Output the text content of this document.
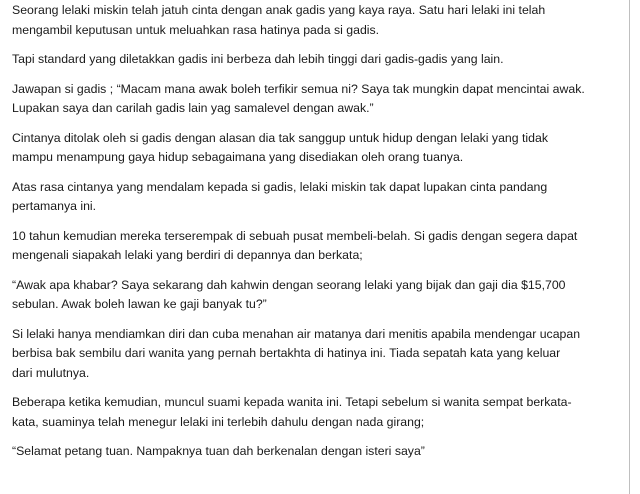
Seorang lelaki miskin telah jatuh cinta dengan anak gadis yang kaya raya. Satu hari lelaki ini telah
mengambil keputusan untuk meluahkan rasa hatinya pada si gadis.

Tapi standard yang diletakkan gadis ini berbeza dah lebih tinggi dari gadis-gadis yang lain.

Jawapan si gadis ; “Macam mana awak boleh terfikir semua ni? Saya tak mungkin dapat mencintai awak.
Lupakan saya dan carilah gadis lain yag samalevel dengan awak.”

Cintanya ditolak oleh si gadis dengan alasan dia tak sanggup untuk hidup dengan lelaki yang tidak
mampu menampung gaya hidup sebagaimana yang disediakan oleh orang tuanya.

Atas rasa cintanya yang mendalam kepada si gadis, lelaki miskin tak dapat lupakan cinta pandang
pertamanya ini.

10 tahun kemudian mereka terserempak di sebuah pusat membeli-belah. Si gadis dengan segera dapat
mengenali siapakah lelaki yang berdiri di depannya dan berkata;

“Awak apa khabar? Saya sekarang dah kahwin dengan seorang lelaki yang bijak dan gaji dia $15,700
sebulan. Awak boleh lawan ke gaji banyak tu?”

Si lelaki hanya mendiamkan diri dan cuba menahan air matanya dari menitis apabila mendengar ucapan
berbisa bak sembilu dari wanita yang pernah bertakhta di hatinya ini. Tiada sepatah kata yang keluar
dari mulutnya.

Beberapa ketika kemudian, muncul suami kepada wanita ini. Tetapi sebelum si wanita sempat berkata-
kata, suaminya telah menegur lelaki ini terlebih dahulu dengan nada girang;

“Selamat petang tuan. Nampaknya tuan dah berkenalan dengan isteri saya”
